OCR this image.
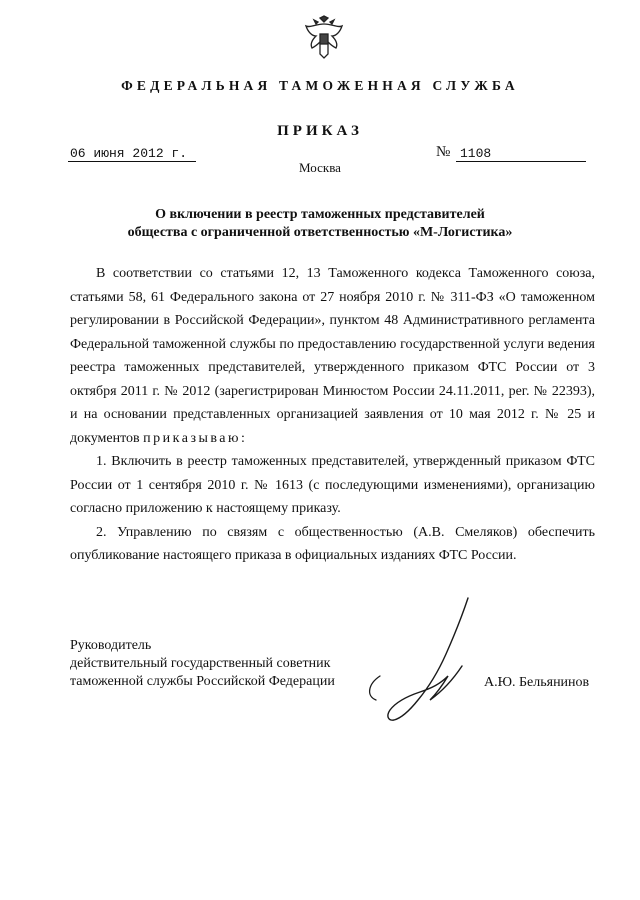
ФЕДЕРАЛЬНАЯ ТАМОЖЕННАЯ СЛУЖБА
ПРИКАЗ
06 июня 2012 г.	№ 1108
Москва
О включении в реестр таможенных представителей
общества с ограниченной ответственностью «М-Логистика»

В соответствии со статьями 12, 13 Таможенного кодекса Таможенного союза, статьями 58, 61 Федерального закона от 27 ноября 2010 г. № 311-ФЗ «О таможенном регулировании в Российской Федерации», пунктом 48 Административного регламента Федеральной таможенной службы по предоставлению государственной услуги ведения реестра таможенных представителей, утвержденного приказом ФТС России от 3 октября 2011 г. № 2012 (зарегистрирован Минюстом России 24.11.2011, рег. № 22393), и на основании представленных организацией заявления от 10 мая 2012 г. № 25 и документов приказываю:

1. Включить в реестр таможенных представителей, утвержденный приказом ФТС России от 1 сентября 2010 г. № 1613 (с последующими изменениями), организацию согласно приложению к настоящему приказу.

2. Управлению по связям с общественностью (А.В. Смеляков) обеспечить опубликование настоящего приказа в официальных изданиях ФТС России.

Руководитель
действительный государственный советник
таможенной службы Российской Федерации	А.Ю. Бельянинов
